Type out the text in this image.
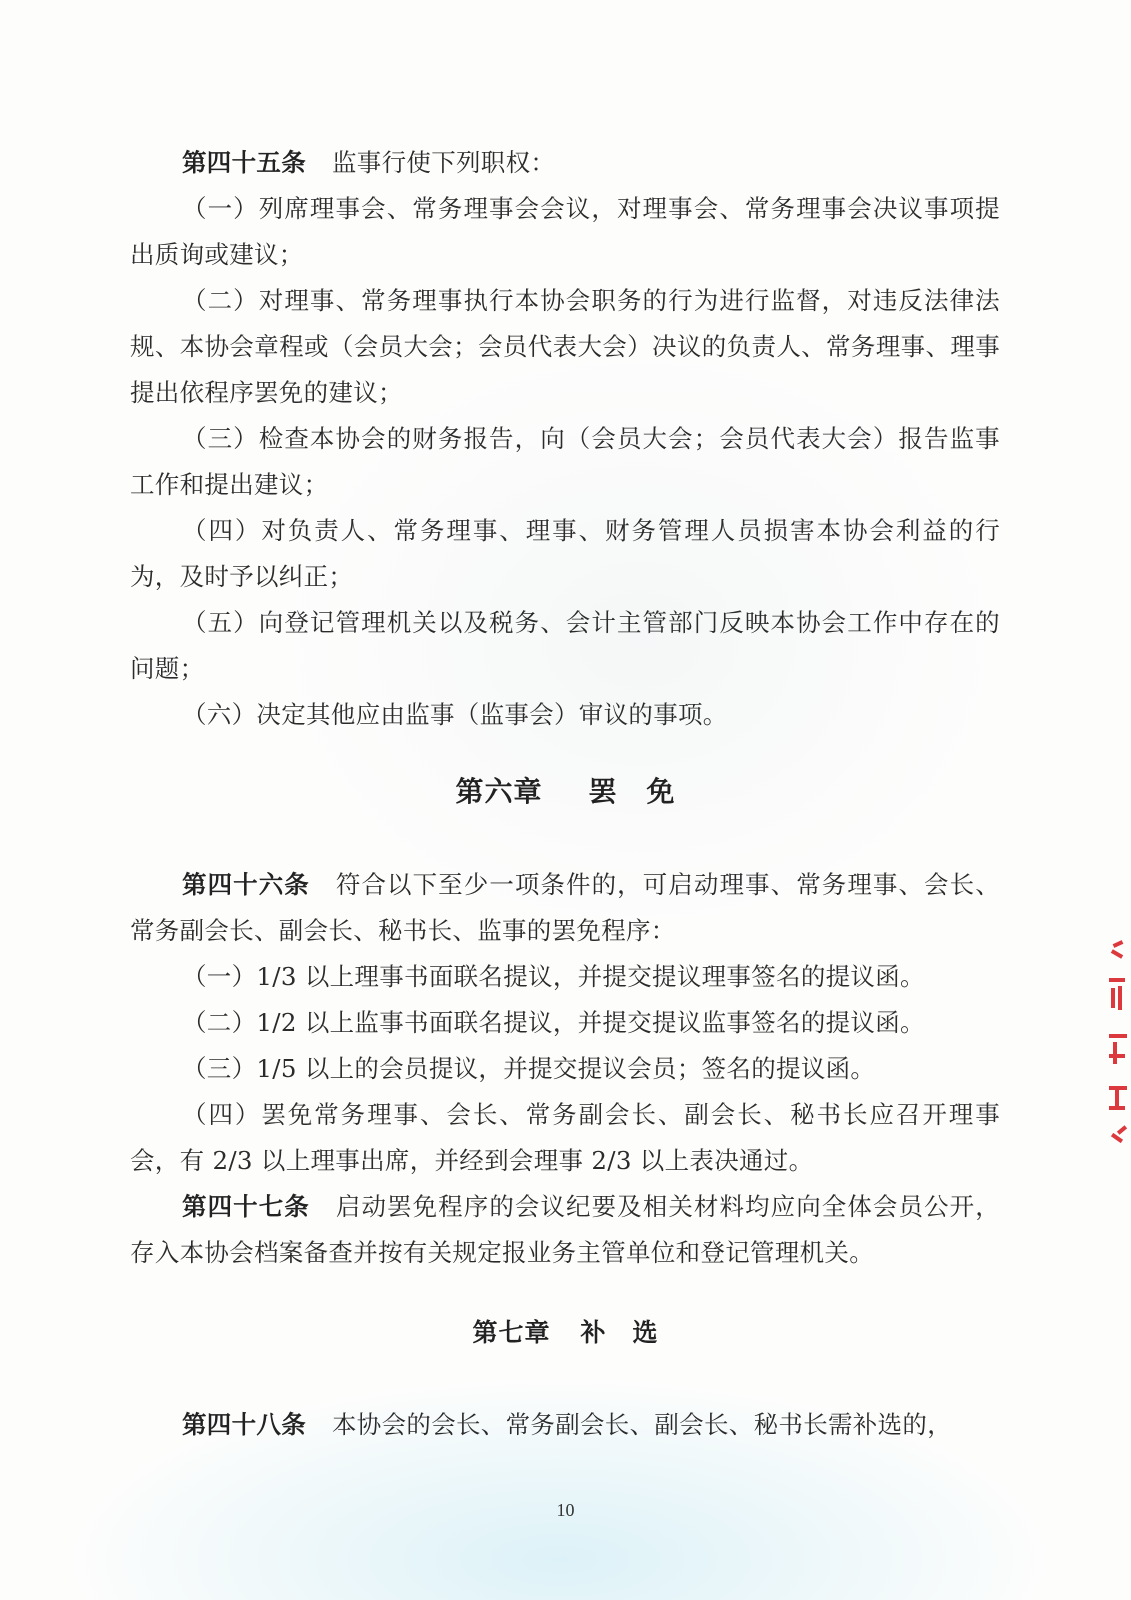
第四十五条 监事行使下列职权：
（一）列席理事会、常务理事会会议，对理事会、常务理事会决议事项提出质询或建议；
（二）对理事、常务理事执行本协会职务的行为进行监督，对违反法律法规、本协会章程或（会员大会；会员代表大会）决议的负责人、常务理事、理事提出依程序罢免的建议；
（三）检查本协会的财务报告，向（会员大会；会员代表大会）报告监事工作和提出建议；
（四）对负责人、常务理事、理事、财务管理人员损害本协会利益的行为，及时予以纠正；
（五）向登记管理机关以及税务、会计主管部门反映本协会工作中存在的问题；
（六）决定其他应由监事（监事会）审议的事项。
第六章 罢　免
第四十六条 符合以下至少一项条件的，可启动理事、常务理事、会长、常务副会长、副会长、秘书长、监事的罢免程序：
（一）1/3 以上理事书面联名提议，并提交提议理事签名的提议函。
（二）1/2 以上监事书面联名提议，并提交提议监事签名的提议函。
（三）1/5 以上的会员提议，并提交提议会员；签名的提议函。
（四）罢免常务理事、会长、常务副会长、副会长、秘书长应召开理事会，有 2/3 以上理事出席，并经到会理事 2/3 以上表决通过。
第四十七条 启动罢免程序的会议纪要及相关材料均应向全体会员公开，存入本协会档案备查并按有关规定报业务主管单位和登记管理机关。
第七章 补　选
第四十八条 本协会的会长、常务副会长、副会长、秘书长需补选的，
10
